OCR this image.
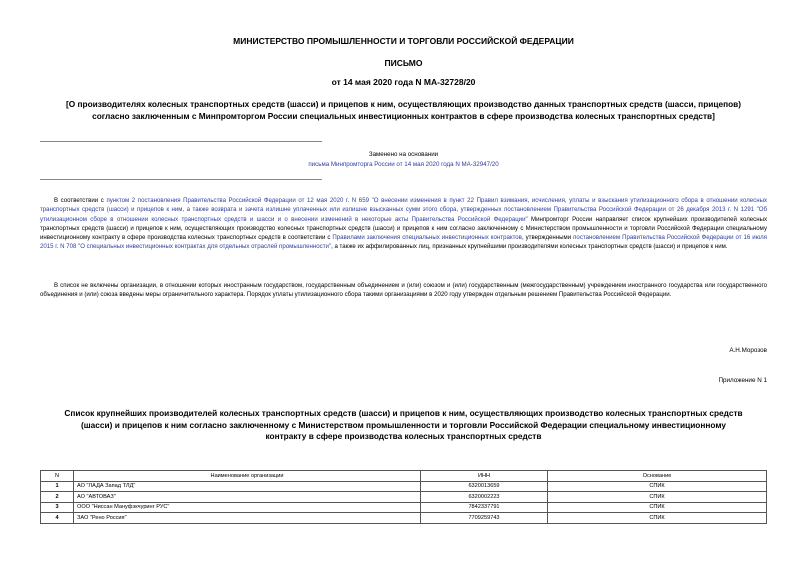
МИНИСТЕРСТВО ПРОМЫШЛЕННОСТИ И ТОРГОВЛИ РОССИЙСКОЙ ФЕДЕРАЦИИ
ПИСЬМО
от 14 мая 2020 года N МА-32728/20
[О производителях колесных транспортных средств (шасси) и прицепов к ним, осуществляющих производство данных транспортных средств (шасси, прицепов)
согласно заключенным с Минпромторгом России специальных инвестиционных контрактов в сфере производства колесных транспортных средств]
Заменено на основании
письма Минпромторга России от 14 мая 2020 года N МА-32947/20
В соответствии с пунктом 2 постановления Правительства Российской Федерации от 12 мая 2020 г. N 659 "О внесении изменения в пункт 22 Правил взимания, исчисления, уплаты и взыскания утилизационного сбора в отношении колесных транспортных средств (шасси) и прицепов к ним, а также возврата и зачета излишне уплаченных или излишне взысканных сумм этого сбора, утвержденных постановлением Правительства Российской Федерации от 26 декабря 2013 г. N 1291 "Об утилизационном сборе в отношении колесных транспортных средств и шасси и о внесении изменений в некоторые акты Правительства Российской Федерации" Минпромторг России направляет список крупнейших производителей колесных транспортных средств (шасси) и прицепов к ним, осуществляющих производство колесных транспортных средств (шасси) и прицепов к ним согласно заключенному с Министерством промышленности и торговли Российской Федерации специальному инвестиционному контракту в сфере производства колесных транспортных средств в соответствии с Правилами заключения специальных инвестиционных контрактов, утвержденными постановлением Правительства Российской Федерации от 16 июля 2015 г. N 708 "О специальных инвестиционных контрактах для отдельных отраслей промышленности", а также их аффилированных лиц, признанных крупнейшими производителями колесных транспортных средств (шасси) и прицепов к ним.
В список не включены организации, в отношении которых иностранным государством, государственным объединением и (или) союзом и (или) государственным (межгосударственным) учреждением иностранного государства или государственного объединения и (или) союза введены меры ограничительного характера. Порядок уплаты утилизационного сбора такими организациями в 2020 году утвержден отдельным решением Правительства Российской Федерации.
А.Н.Морозов
Приложение N 1
Список крупнейших производителей колесных транспортных средств (шасси) и прицепов к ним, осуществляющих производство колесных транспортных средств
(шасси) и прицепов к ним согласно заключенному с Министерством промышленности и торговли Российской Федерации специальному инвестиционному
контракту в сфере производства колесных транспортных средств
N	Наименование организации	ИНН	Основание
1	АО "ЛАДА Запад ТЛД"	6320013659	СПИК
2	АО "АВТОВАЗ"	6320002223	СПИК
3	ООО "Ниссан Мануфэкчуринг РУС"	7842337791	СПИК
4	ЗАО "Рено Россия"	7709259743	СПИК
